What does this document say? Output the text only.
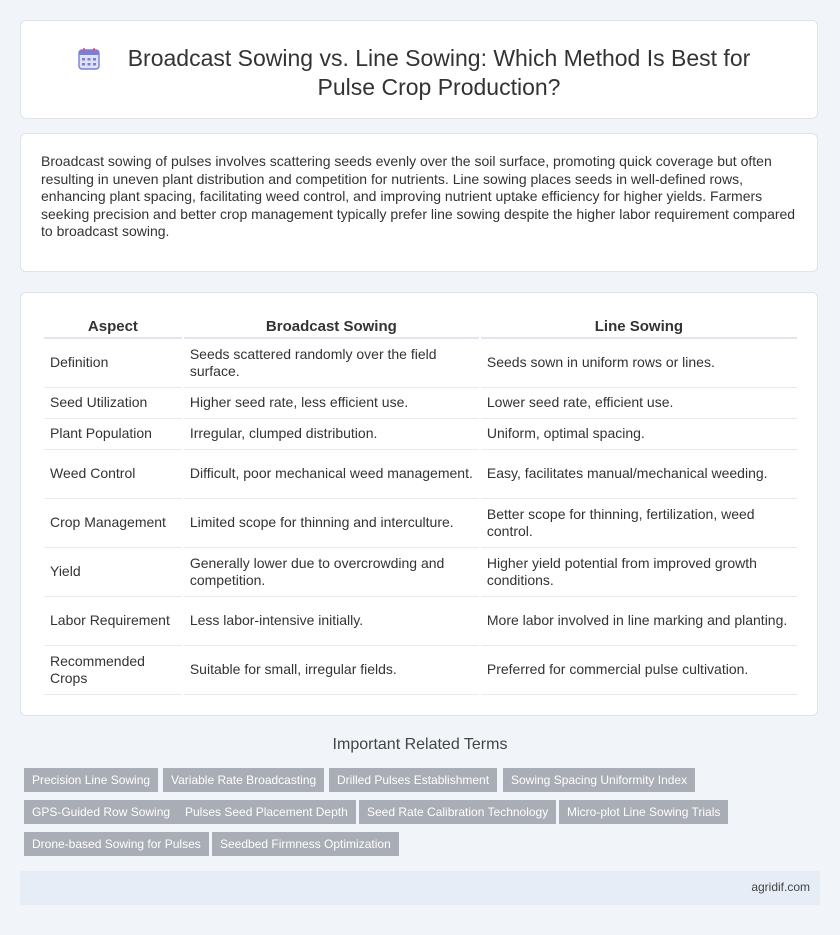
Broadcast Sowing vs. Line Sowing: Which Method Is Best for Pulse Crop Production?

Broadcast sowing of pulses involves scattering seeds evenly over the soil surface, promoting quick coverage but often resulting in uneven plant distribution and competition for nutrients. Line sowing places seeds in well-defined rows, enhancing plant spacing, facilitating weed control, and improving nutrient uptake efficiency for higher yields. Farmers seeking precision and better crop management typically prefer line sowing despite the higher labor requirement compared to broadcast sowing.

Aspect	Broadcast Sowing	Line Sowing
Definition	Seeds scattered randomly over the field surface.	Seeds sown in uniform rows or lines.
Seed Utilization	Higher seed rate, less efficient use.	Lower seed rate, efficient use.
Plant Population	Irregular, clumped distribution.	Uniform, optimal spacing.
Weed Control	Difficult, poor mechanical weed management.	Easy, facilitates manual/mechanical weeding.
Crop Management	Limited scope for thinning and interculture.	Better scope for thinning, fertilization, weed control.
Yield	Generally lower due to overcrowding and competition.	Higher yield potential from improved growth conditions.
Labor Requirement	Less labor-intensive initially.	More labor involved in line marking and planting.
Recommended Crops	Suitable for small, irregular fields.	Preferred for commercial pulse cultivation.
Important Related Terms
Precision Line Sowing	Variable Rate Broadcasting	Drilled Pulses Establishment	Sowing Spacing Uniformity Index
GPS-Guided Row Sowing	Pulses Seed Placement Depth	Seed Rate Calibration Technology	Micro-plot Line Sowing Trials
Drone-based Sowing for Pulses	Seedbed Firmness Optimization
agridif.com
